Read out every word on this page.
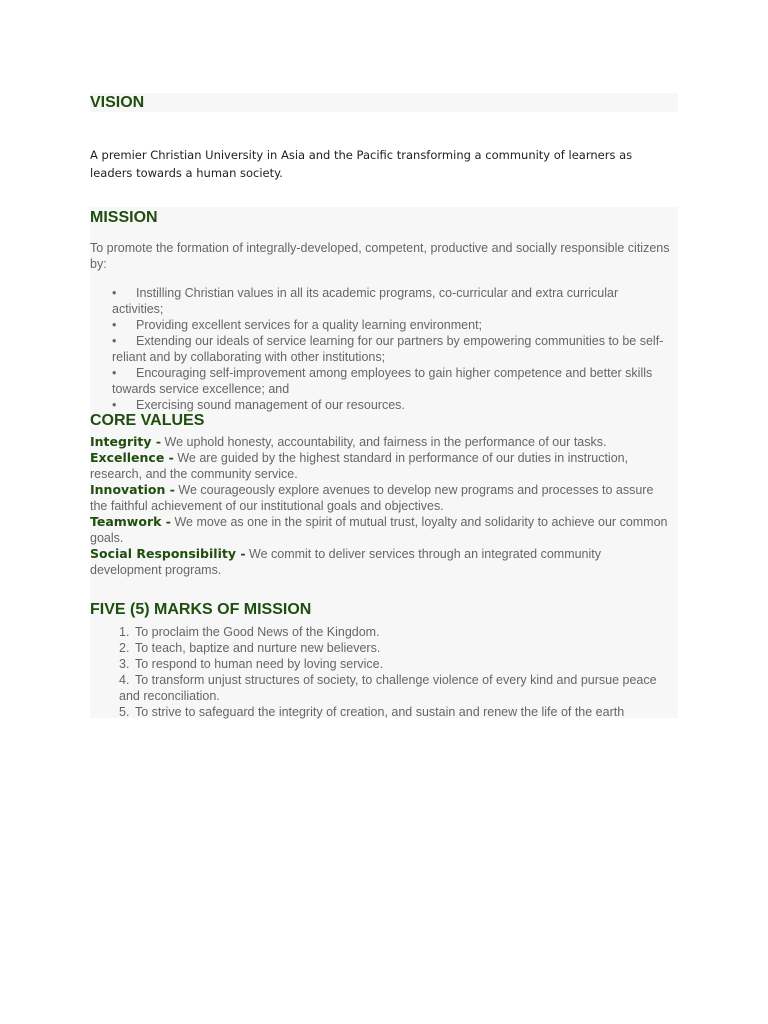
VISION
A premier Christian University in Asia and the Pacific transforming a community of learners as leaders towards a human society.
MISSION
To promote the formation of integrally-developed, competent, productive and socially responsible citizens by:
• Instilling Christian values in all its academic programs, co-curricular and extra curricular activities;
• Providing excellent services for a quality learning environment;
• Extending our ideals of service learning for our partners by empowering communities to be self-reliant and by collaborating with other institutions;
• Encouraging self-improvement among employees to gain higher competence and better skills towards service excellence; and
• Exercising sound management of our resources.
CORE VALUES

Integrity - We uphold honesty, accountability, and fairness in the performance of our tasks.

Excellence - We are guided by the highest standard in performance of our duties in instruction, research, and the community service.

Innovation - We courageously explore avenues to develop new programs and processes to assure the faithful achievement of our institutional goals and objectives.

Teamwork - We move as one in the spirit of mutual trust, loyalty and solidarity to achieve our common goals.

Social Responsibility - We commit to deliver services through an integrated community development programs.

FIVE (5) MARKS OF MISSION
1. To proclaim the Good News of the Kingdom.
2. To teach, baptize and nurture new believers.
3. To respond to human need by loving service.
4. To transform unjust structures of society, to challenge violence of every kind and pursue peace and reconciliation.
5. To strive to safeguard the integrity of creation, and sustain and renew the life of the earth
